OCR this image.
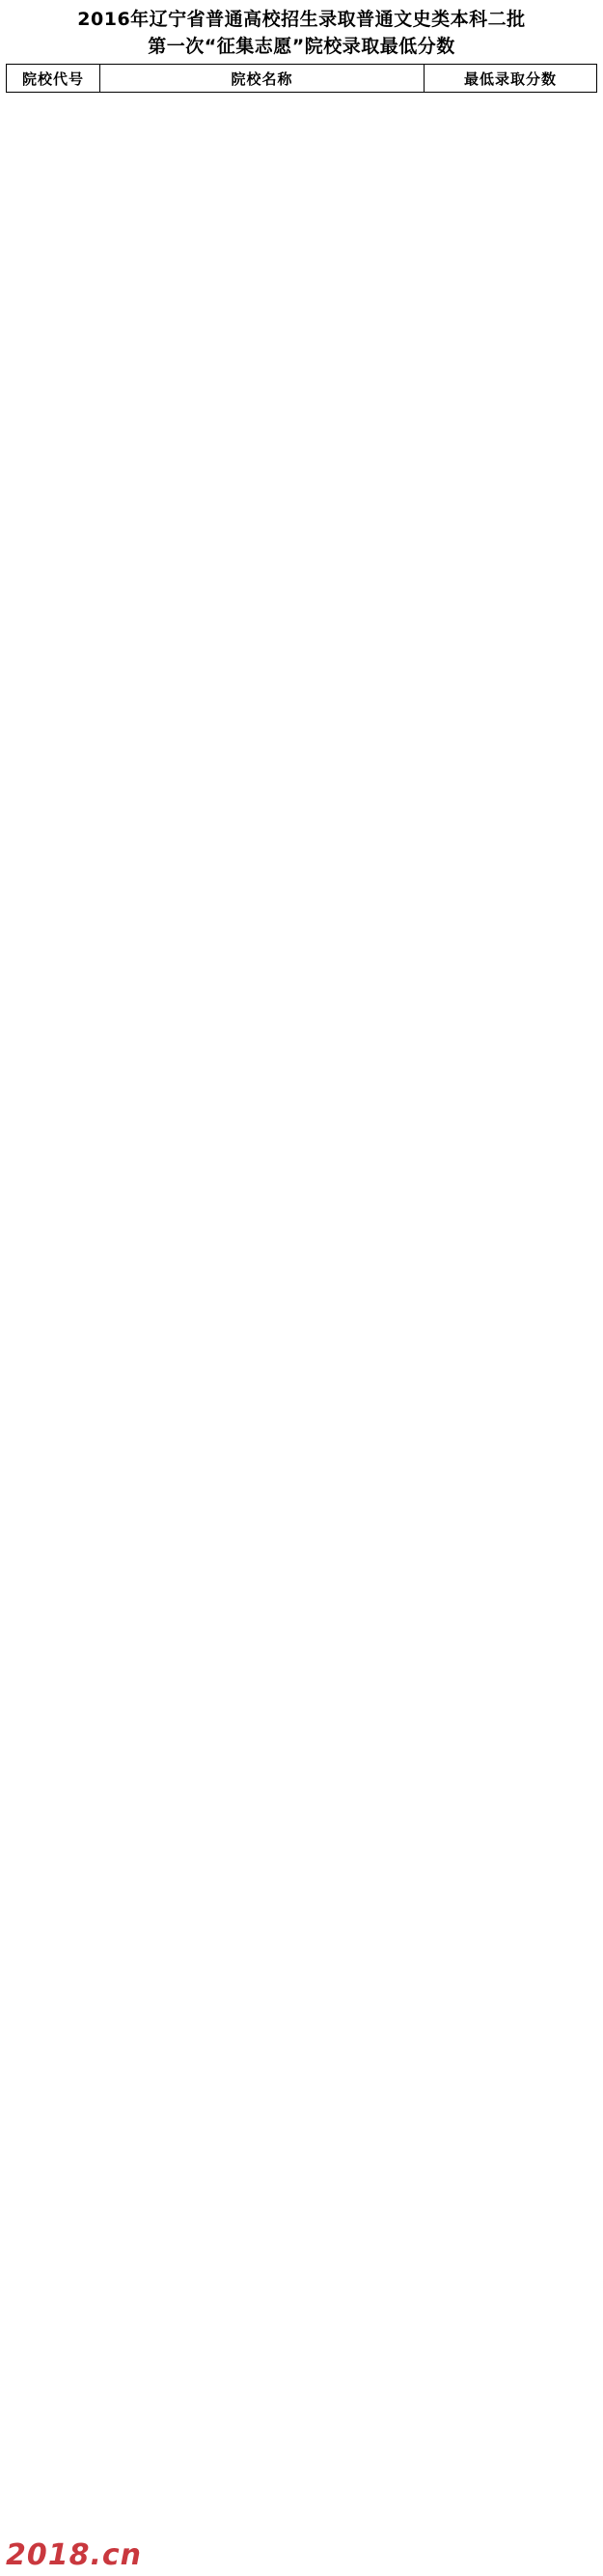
2016年辽宁省普通高校招生录取普通文史类本科二批
第一次“征集志愿”院校录取最低分数
院校代号	院校名称	最低录取分数
2018.cn
